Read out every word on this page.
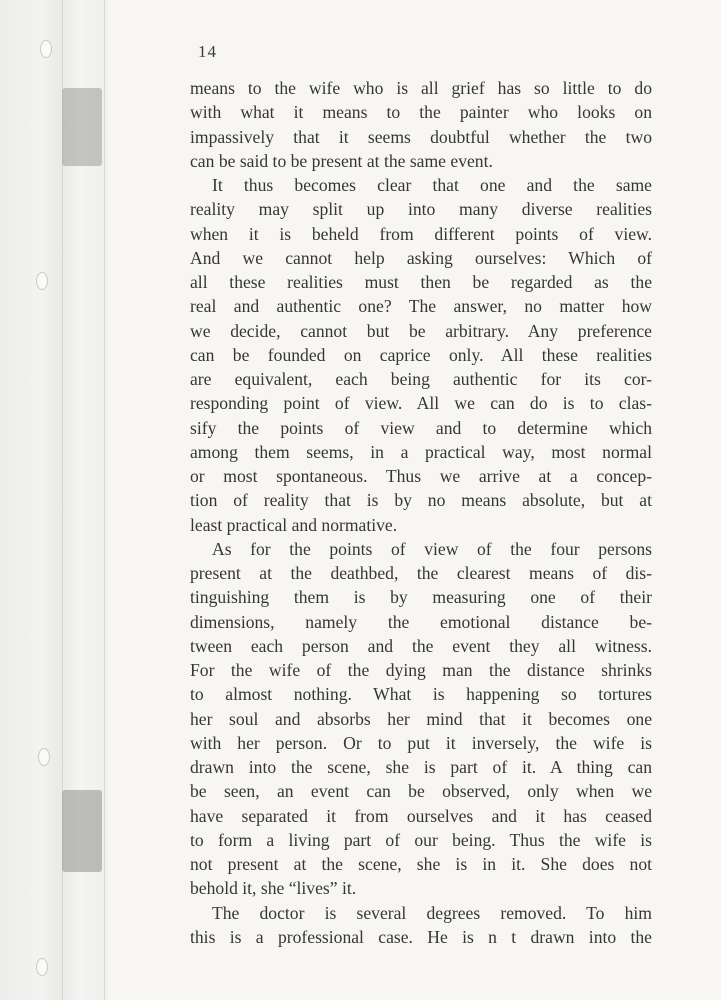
14
means to the wife who is all grief has so little to do
with what it means to the painter who looks on
impassively that it seems doubtful whether the two
can be said to be present at the same event.
It thus becomes clear that one and the same
reality may split up into many diverse realities
when it is beheld from different points of view.
And we cannot help asking ourselves: Which of
all these realities must then be regarded as the
real and authentic one? The answer, no matter how
we decide, cannot but be arbitrary. Any preference
can be founded on caprice only. All these realities
are equivalent, each being authentic for its cor-
responding point of view. All we can do is to clas-
sify the points of view and to determine which
among them seems, in a practical way, most normal
or most spontaneous. Thus we arrive at a concep-
tion of reality that is by no means absolute, but at
least practical and normative.
As for the points of view of the four persons
present at the deathbed, the clearest means of dis-
tinguishing them is by measuring one of their
dimensions, namely the emotional distance be-
tween each person and the event they all witness.
For the wife of the dying man the distance shrinks
to almost nothing. What is happening so tortures
her soul and absorbs her mind that it becomes one
with her person. Or to put it inversely, the wife is
drawn into the scene, she is part of it. A thing can
be seen, an event can be observed, only when we
have separated it from ourselves and it has ceased
to form a living part of our being. Thus the wife is
not present at the scene, she is in it. She does not
behold it, she “lives” it.
The doctor is several degrees removed. To him
this is a professional case. He is n t drawn into the
